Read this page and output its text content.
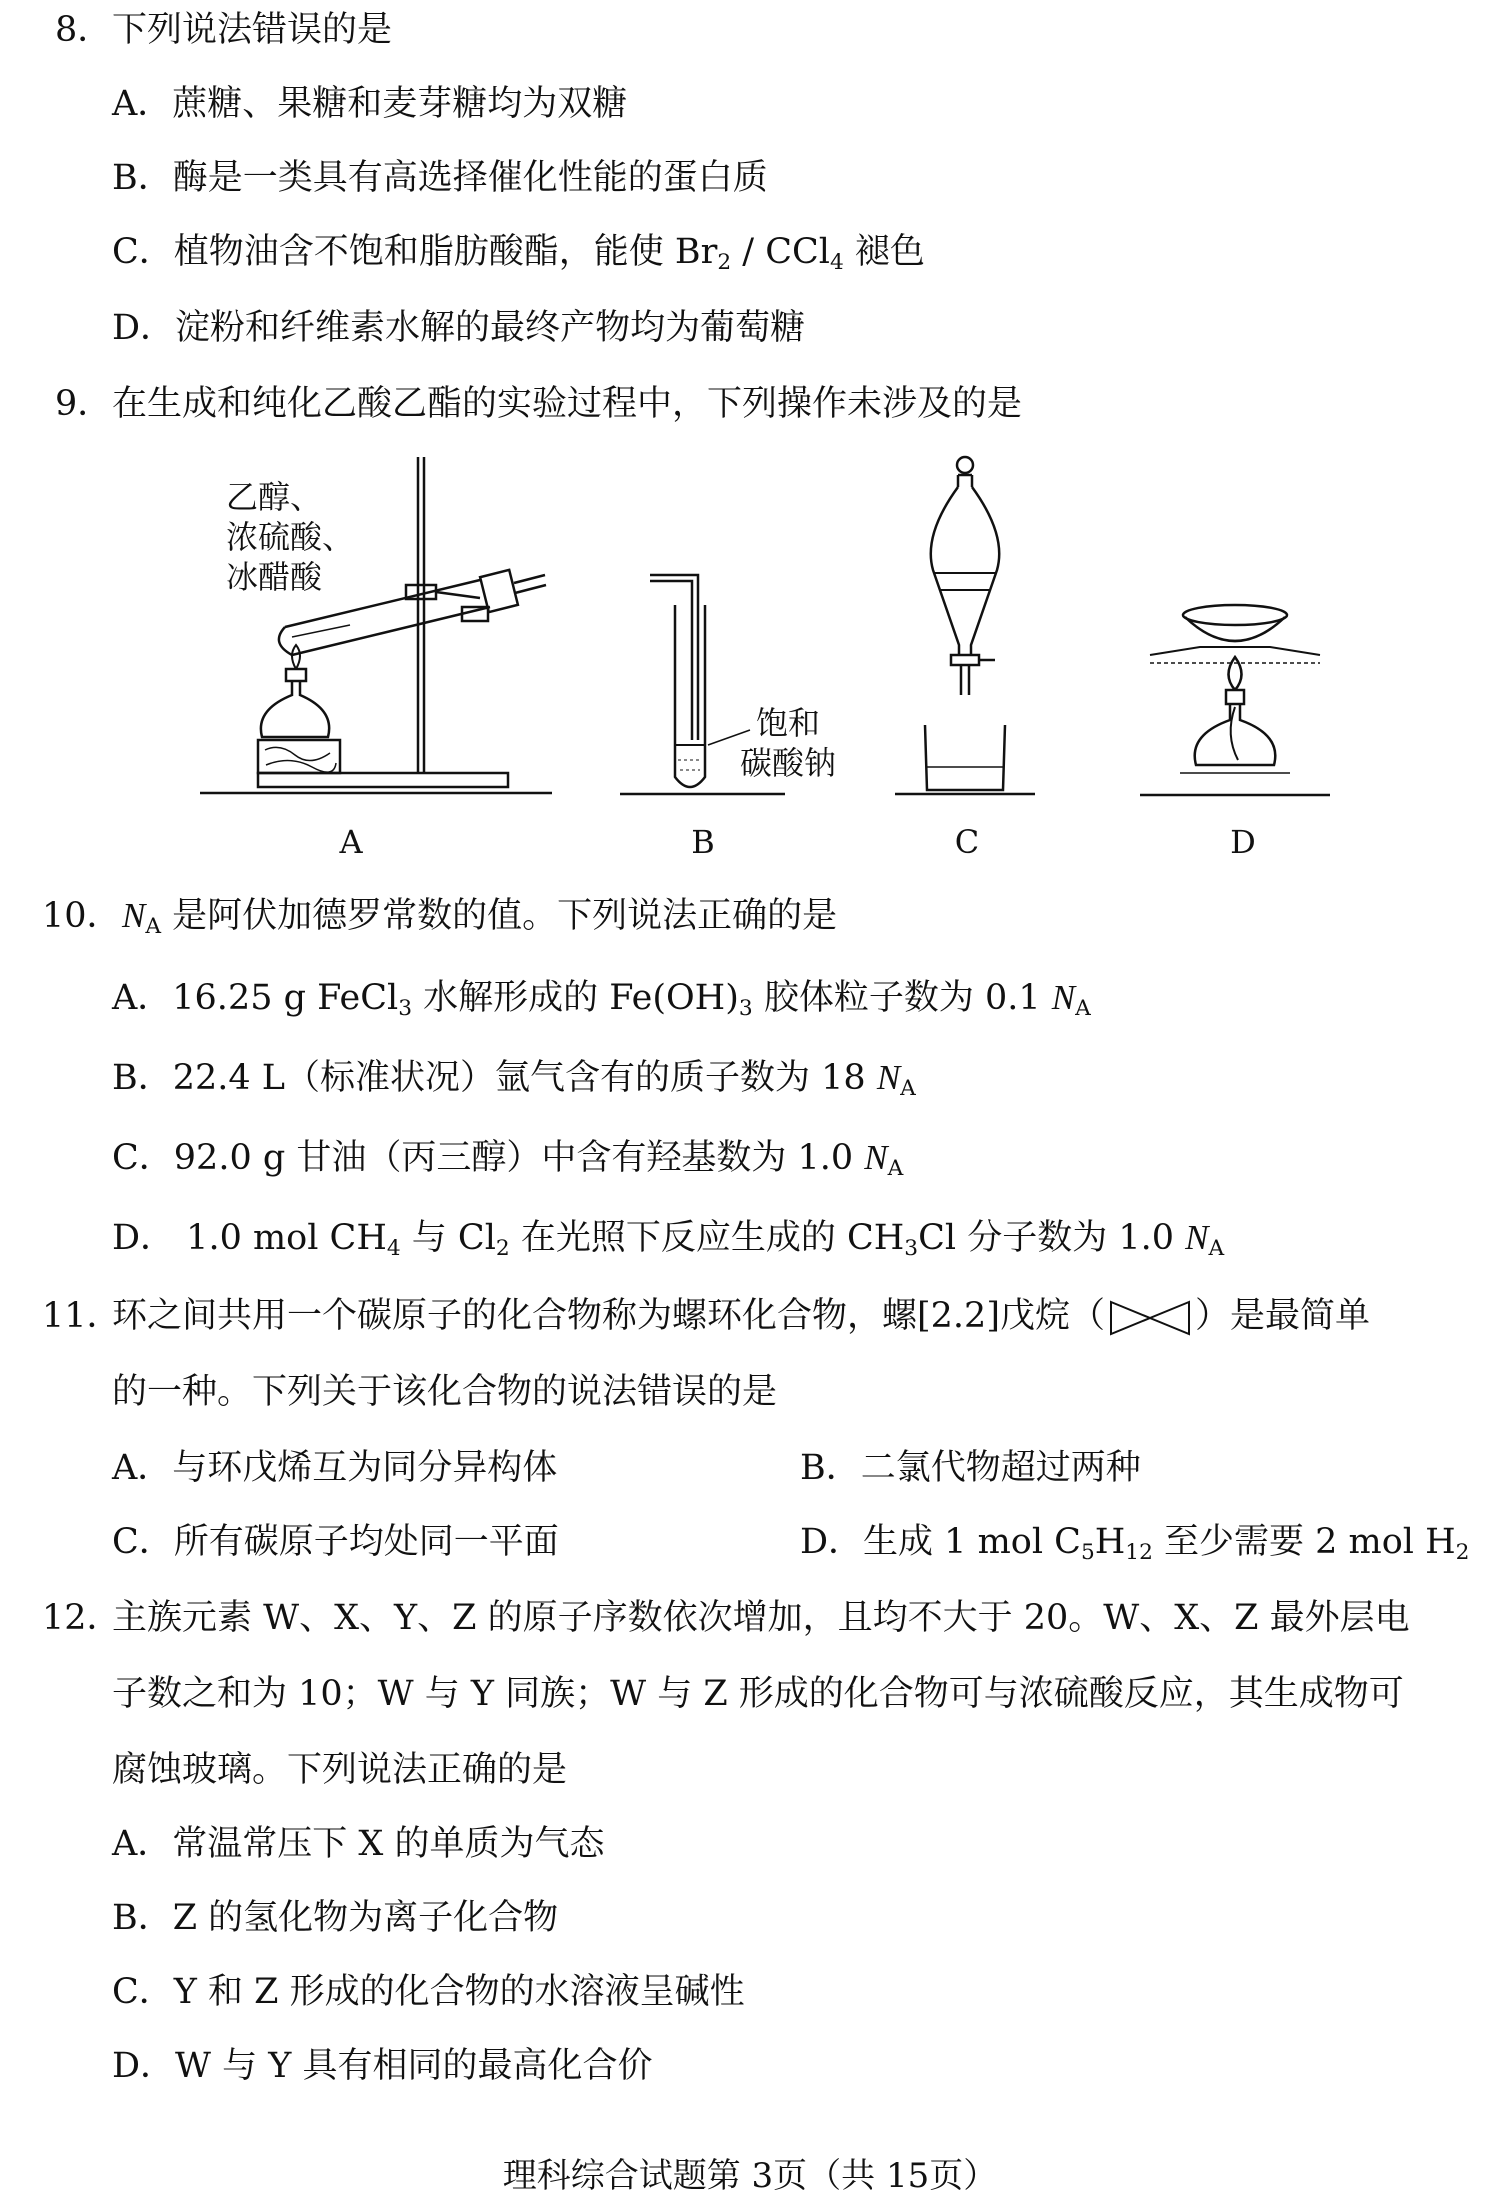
8． 下列说法错误的是
A．蔗糖、果糖和麦芽糖均为双糖
B．酶是一类具有高选择催化性能的蛋白质
C．植物油含不饱和脂肪酸酯，能使 $Br_2 / CCl_4$ 褪色
D．淀粉和纤维素水解的最终产物均为葡萄糖
9． 在生成和纯化乙酸乙酯的实验过程中，下列操作未涉及的是
乙醇、
浓硫酸、
冰醋酸
饱和
碳酸钠
A	B	C	D
10． $N_A$ 是阿伏加德罗常数的值。下列说法正确的是
A．16.25 g FeCl$_3$ 水解形成的 $Fe(OH)_3$ 胶体粒子数为 0.1 $N_A$
B．22.4 L（标准状况）氩气含有的质子数为 18 $N_A$
C．92.0 g 甘油（丙三醇）中含有羟基数为 1.0 $N_A$
D． 1.0 mol $CH_4$ 与 $Cl_2$ 在光照下反应生成的 $CH_3Cl$ 分子数为 1.0 $N_A$
11．
环之间共用一个碳原子的化合物称为螺环化合物，螺[2.2]戊烷（	）是最简单
的一种。下列关于该化合物的说法错误的是
A．与环戊烯互为同分异构体	B．二氯代物超过两种
C．所有碳原子均处同一平面	D．生成 1 mol $C_5H_{12}$ 至少需要 2 mol $H_2$
12．
主族元素 W、X、Y、Z 的原子序数依次增加，且均不大于 20。W、X、Z 最外层电
子数之和为 10；W 与 Y 同族；W 与 Z 形成的化合物可与浓硫酸反应，其生成物可
腐蚀玻璃。下列说法正确的是
A．常温常压下 X 的单质为气态
B．Z 的氢化物为离子化合物
C．Y 和 Z 形成的化合物的水溶液呈碱性
D．W 与 Y 具有相同的最高化合价
理科综合试题第 3页（共 15页）
